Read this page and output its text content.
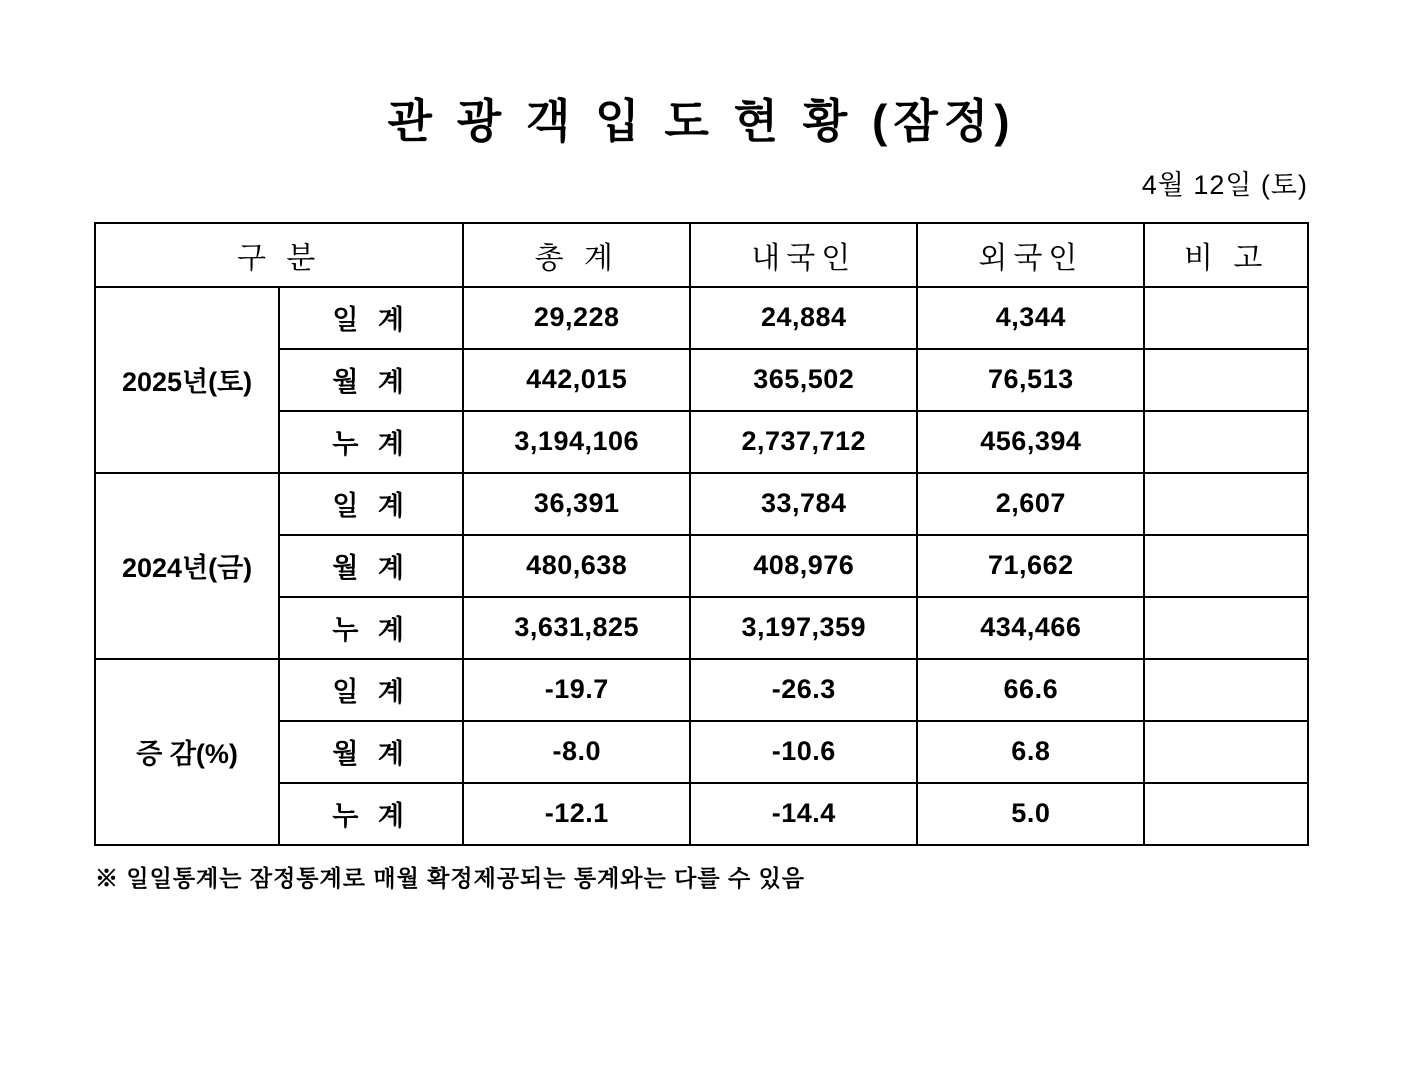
관 광 객 입 도 현 황 (잠정)
4월 12일 (토)
구 분		총 계	내국인	외국인	비 고
2025년(토)	일 계	29,228	24,884	4,344	
	월 계	442,015	365,502	76,513	
	누 계	3,194,106	2,737,712	456,394	
2024년(금)	일 계	36,391	33,784	2,607	
	월 계	480,638	408,976	71,662	
	누 계	3,631,825	3,197,359	434,466	
증 감(%)	일 계	-19.7	-26.3	66.6	
	월 계	-8.0	-10.6	6.8	
	누 계	-12.1	-14.4	5.0	
※ 일일통계는 잠정통계로 매월 확정제공되는 통계와는 다를 수 있음
